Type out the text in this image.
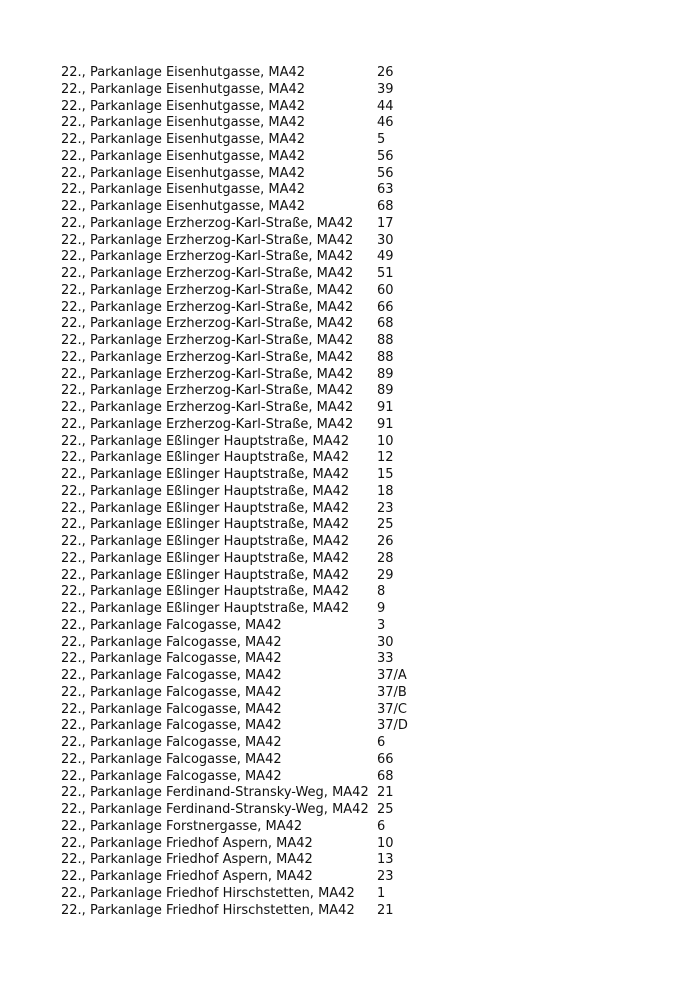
22., Parkanlage Eisenhutgasse, MA42	26
22., Parkanlage Eisenhutgasse, MA42	39
22., Parkanlage Eisenhutgasse, MA42	44
22., Parkanlage Eisenhutgasse, MA42	46
22., Parkanlage Eisenhutgasse, MA42	5
22., Parkanlage Eisenhutgasse, MA42	56
22., Parkanlage Eisenhutgasse, MA42	56
22., Parkanlage Eisenhutgasse, MA42	63
22., Parkanlage Eisenhutgasse, MA42	68
22., Parkanlage Erzherzog-Karl-Straße, MA42	17
22., Parkanlage Erzherzog-Karl-Straße, MA42	30
22., Parkanlage Erzherzog-Karl-Straße, MA42	49
22., Parkanlage Erzherzog-Karl-Straße, MA42	51
22., Parkanlage Erzherzog-Karl-Straße, MA42	60
22., Parkanlage Erzherzog-Karl-Straße, MA42	66
22., Parkanlage Erzherzog-Karl-Straße, MA42	68
22., Parkanlage Erzherzog-Karl-Straße, MA42	88
22., Parkanlage Erzherzog-Karl-Straße, MA42	88
22., Parkanlage Erzherzog-Karl-Straße, MA42	89
22., Parkanlage Erzherzog-Karl-Straße, MA42	89
22., Parkanlage Erzherzog-Karl-Straße, MA42	91
22., Parkanlage Erzherzog-Karl-Straße, MA42	91
22., Parkanlage Eßlinger Hauptstraße, MA42	10
22., Parkanlage Eßlinger Hauptstraße, MA42	12
22., Parkanlage Eßlinger Hauptstraße, MA42	15
22., Parkanlage Eßlinger Hauptstraße, MA42	18
22., Parkanlage Eßlinger Hauptstraße, MA42	23
22., Parkanlage Eßlinger Hauptstraße, MA42	25
22., Parkanlage Eßlinger Hauptstraße, MA42	26
22., Parkanlage Eßlinger Hauptstraße, MA42	28
22., Parkanlage Eßlinger Hauptstraße, MA42	29
22., Parkanlage Eßlinger Hauptstraße, MA42	8
22., Parkanlage Eßlinger Hauptstraße, MA42	9
22., Parkanlage Falcogasse, MA42	3
22., Parkanlage Falcogasse, MA42	30
22., Parkanlage Falcogasse, MA42	33
22., Parkanlage Falcogasse, MA42	37/A
22., Parkanlage Falcogasse, MA42	37/B
22., Parkanlage Falcogasse, MA42	37/C
22., Parkanlage Falcogasse, MA42	37/D
22., Parkanlage Falcogasse, MA42	6
22., Parkanlage Falcogasse, MA42	66
22., Parkanlage Falcogasse, MA42	68
22., Parkanlage Ferdinand-Stransky-Weg, MA42 21
22., Parkanlage Ferdinand-Stransky-Weg, MA42 25
22., Parkanlage Forstnergasse, MA42	6
22., Parkanlage Friedhof Aspern, MA42	10
22., Parkanlage Friedhof Aspern, MA42	13
22., Parkanlage Friedhof Aspern, MA42	23
22., Parkanlage Friedhof Hirschstetten, MA42	1
22., Parkanlage Friedhof Hirschstetten, MA42	21
